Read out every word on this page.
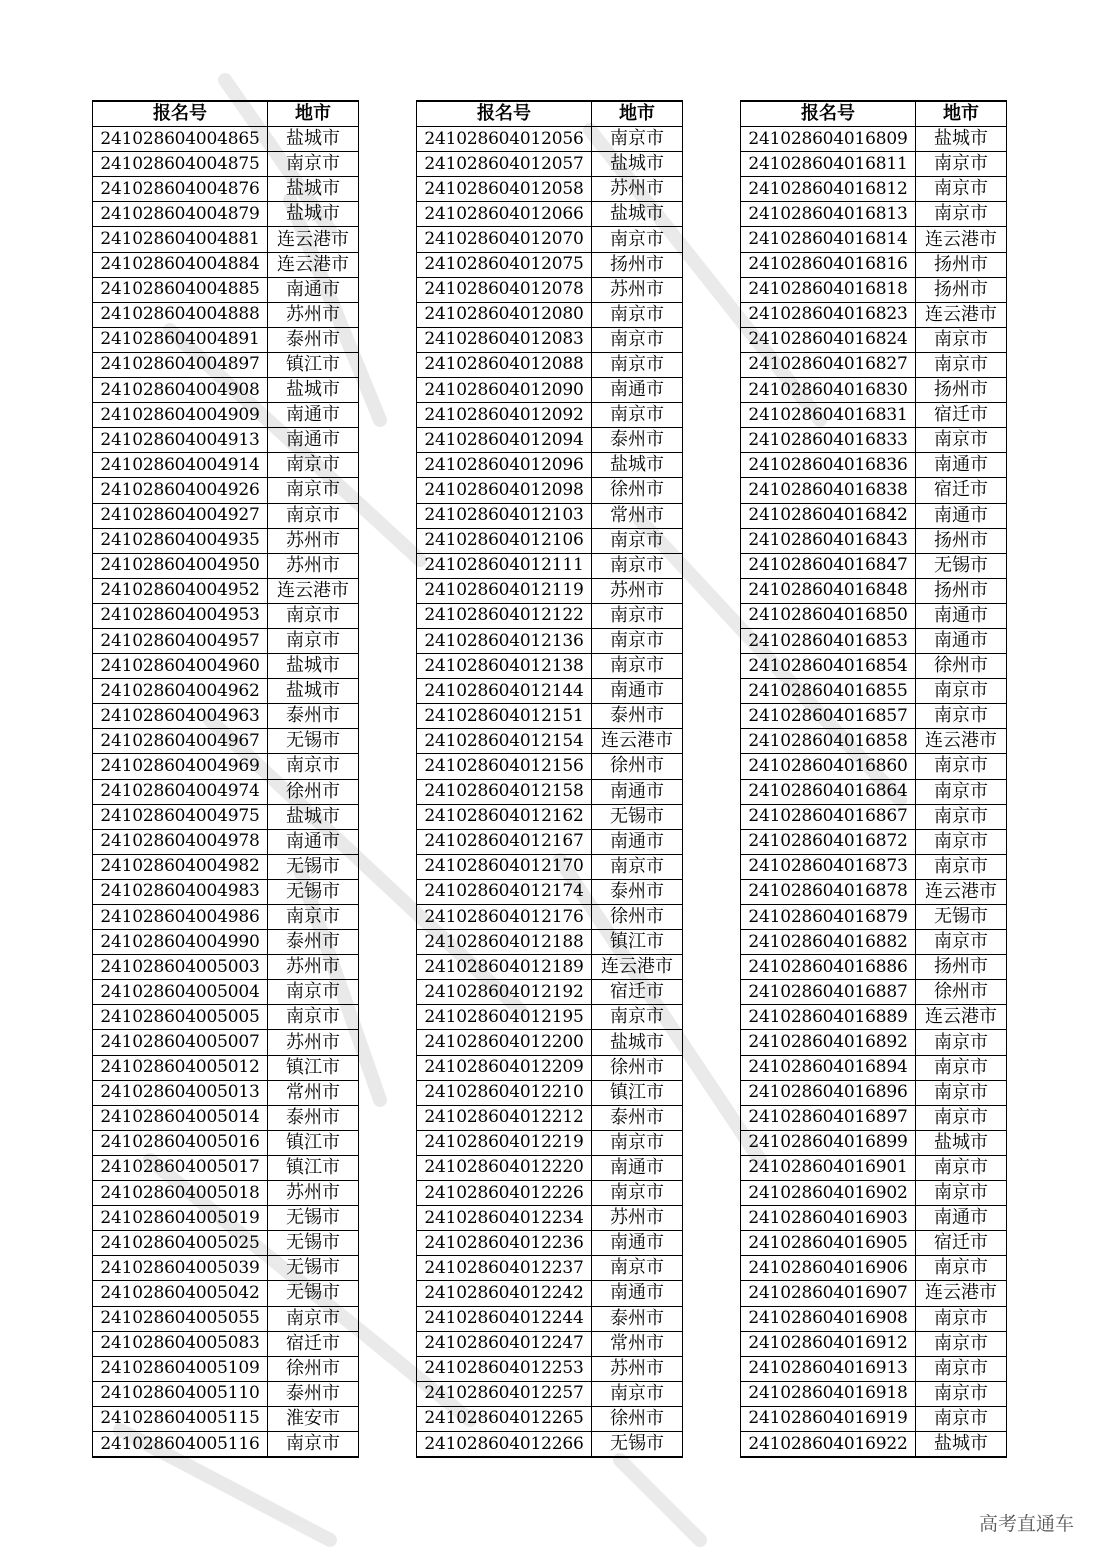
报名号	地市
241028604004865	盐城市
241028604004875	南京市
241028604004876	盐城市
241028604004879	盐城市
241028604004881	连云港市
241028604004884	连云港市
241028604004885	南通市
241028604004888	苏州市
241028604004891	泰州市
241028604004897	镇江市
241028604004908	盐城市
241028604004909	南通市
241028604004913	南通市
241028604004914	南京市
241028604004926	南京市
241028604004927	南京市
241028604004935	苏州市
241028604004950	苏州市
241028604004952	连云港市
241028604004953	南京市
241028604004957	南京市
241028604004960	盐城市
241028604004962	盐城市
241028604004963	泰州市
241028604004967	无锡市
241028604004969	南京市
241028604004974	徐州市
241028604004975	盐城市
241028604004978	南通市
241028604004982	无锡市
241028604004983	无锡市
241028604004986	南京市
241028604004990	泰州市
241028604005003	苏州市
241028604005004	南京市
241028604005005	南京市
241028604005007	苏州市
241028604005012	镇江市
241028604005013	常州市
241028604005014	泰州市
241028604005016	镇江市
241028604005017	镇江市
241028604005018	苏州市
241028604005019	无锡市
241028604005025	无锡市
241028604005039	无锡市
241028604005042	无锡市
241028604005055	南京市
241028604005083	宿迁市
241028604005109	徐州市
241028604005110	泰州市
241028604005115	淮安市
241028604005116	南京市
报名号	地市
241028604012056	南京市
241028604012057	盐城市
241028604012058	苏州市
241028604012066	盐城市
241028604012070	南京市
241028604012075	扬州市
241028604012078	苏州市
241028604012080	南京市
241028604012083	南京市
241028604012088	南京市
241028604012090	南通市
241028604012092	南京市
241028604012094	泰州市
241028604012096	盐城市
241028604012098	徐州市
241028604012103	常州市
241028604012106	南京市
241028604012111	南京市
241028604012119	苏州市
241028604012122	南京市
241028604012136	南京市
241028604012138	南京市
241028604012144	南通市
241028604012151	泰州市
241028604012154	连云港市
241028604012156	徐州市
241028604012158	南通市
241028604012162	无锡市
241028604012167	南通市
241028604012170	南京市
241028604012174	泰州市
241028604012176	徐州市
241028604012188	镇江市
241028604012189	连云港市
241028604012192	宿迁市
241028604012195	南京市
241028604012200	盐城市
241028604012209	徐州市
241028604012210	镇江市
241028604012212	泰州市
241028604012219	南京市
241028604012220	南通市
241028604012226	南京市
241028604012234	苏州市
241028604012236	南通市
241028604012237	南京市
241028604012242	南通市
241028604012244	泰州市
241028604012247	常州市
241028604012253	苏州市
241028604012257	南京市
241028604012265	徐州市
241028604012266	无锡市
报名号	地市
241028604016809	盐城市
241028604016811	南京市
241028604016812	南京市
241028604016813	南京市
241028604016814	连云港市
241028604016816	扬州市
241028604016818	扬州市
241028604016823	连云港市
241028604016824	南京市
241028604016827	南京市
241028604016830	扬州市
241028604016831	宿迁市
241028604016833	南京市
241028604016836	南通市
241028604016838	宿迁市
241028604016842	南通市
241028604016843	扬州市
241028604016847	无锡市
241028604016848	扬州市
241028604016850	南通市
241028604016853	南通市
241028604016854	徐州市
241028604016855	南京市
241028604016857	南京市
241028604016858	连云港市
241028604016860	南京市
241028604016864	南京市
241028604016867	南京市
241028604016872	南京市
241028604016873	南京市
241028604016878	连云港市
241028604016879	无锡市
241028604016882	南京市
241028604016886	扬州市
241028604016887	徐州市
241028604016889	连云港市
241028604016892	南京市
241028604016894	南京市
241028604016896	南京市
241028604016897	南京市
241028604016899	盐城市
241028604016901	南京市
241028604016902	南京市
241028604016903	南通市
241028604016905	宿迁市
241028604016906	南京市
241028604016907	连云港市
241028604016908	南京市
241028604016912	南京市
241028604016913	南京市
241028604016918	南京市
241028604016919	南京市
241028604016922	盐城市
高考直通车
